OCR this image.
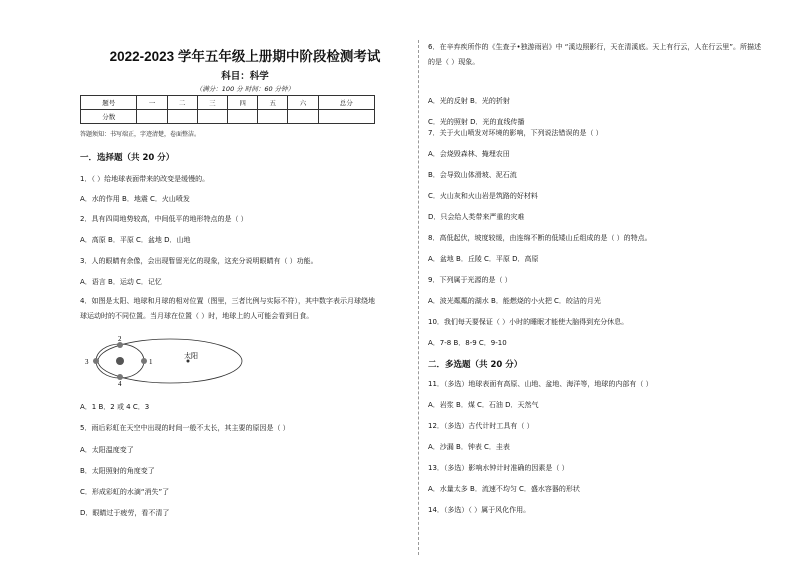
2022-2023 学年五年级上册期中阶段检测考试
科目：科学
（满分：100 分 时间：60 分钟）
题号	一	二	三	四	五	六	总分
分数							
答题须知：书写端正，字迹清楚，卷面整洁。
一．选择题（共 20 分）
1．（ ）给地球表面带来的改变是缓慢的。
A．水的作用 B．地震 C．火山喷发
2．具有四周地势较高，中间低平的地形特点的是（ ）
A．高原 B．平原 C．盆地 D．山地
3．人的眼睛有余像，会出现暂留光亿的现象，这充分说明眼睛有（ ）功能。
A．语言 B．运动 C．记忆
4．如图是太阳、地球和月球的相对位置（图里，三者比例与实际不符），其中数字表示月球绕地球运动时的不同位置。当月球在位置（ ）时，地球上的人可能会看到日食。
3	1
2
4
太阳
A．1 B．2 或 4 C．3
5．雨后彩虹在天空中出现的时间一般不太长，其主要的原因是（ ）
A．太阳温度变了
B．太阳照射的角度变了
C．形成彩虹的水滴“消失”了
D．眼睛过于疲劳，看不清了
6．在辛弃疾所作的《生查子•独游雨岩》中 “溪边照影行，天在清溪底。天上有行云，人在行云里”。所描述的是（ ）现象。
A．光的反射 B．光的折射
C．光的照射 D．光的直线传播
7．关于火山喷发对环境的影响，下列说法错误的是（ ）
A．会烧毁森林、掩埋农田
B．会导致山体滑坡、泥石流
C．火山灰和火山岩是筑路的好材料
D．只会给人类带来严重的灾难
8．高低起伏，坡度较缓，由连绵不断的低矮山丘组成的是（ ）的特点。
A．盆地 B．丘陵 C．平原 D．高原
9．下列属于光源的是（ ）
A．波光粼粼的湖水 B．能燃烧的小火把 C．皎洁的月光
10．我们每天要保证（ ）小时的睡眠才能使大脑得到充分休息。
A．7-8 B．8-9 C．9-10
二．多选题（共 20 分）
11．（多选）地球表面有高原、山地、盆地、海洋等，地球的内部有（ ）
A．岩浆 B．煤 C．石油 D．天然气
12．（多选）古代计时工具有（ ）
A．沙漏 B．钟表 C．圭表
13．（多选）影响水钟计时准确的因素是（ ）
A．水量太多 B．流速不均匀 C．盛水容器的形状
14．（多选）（ ）属于风化作用。
